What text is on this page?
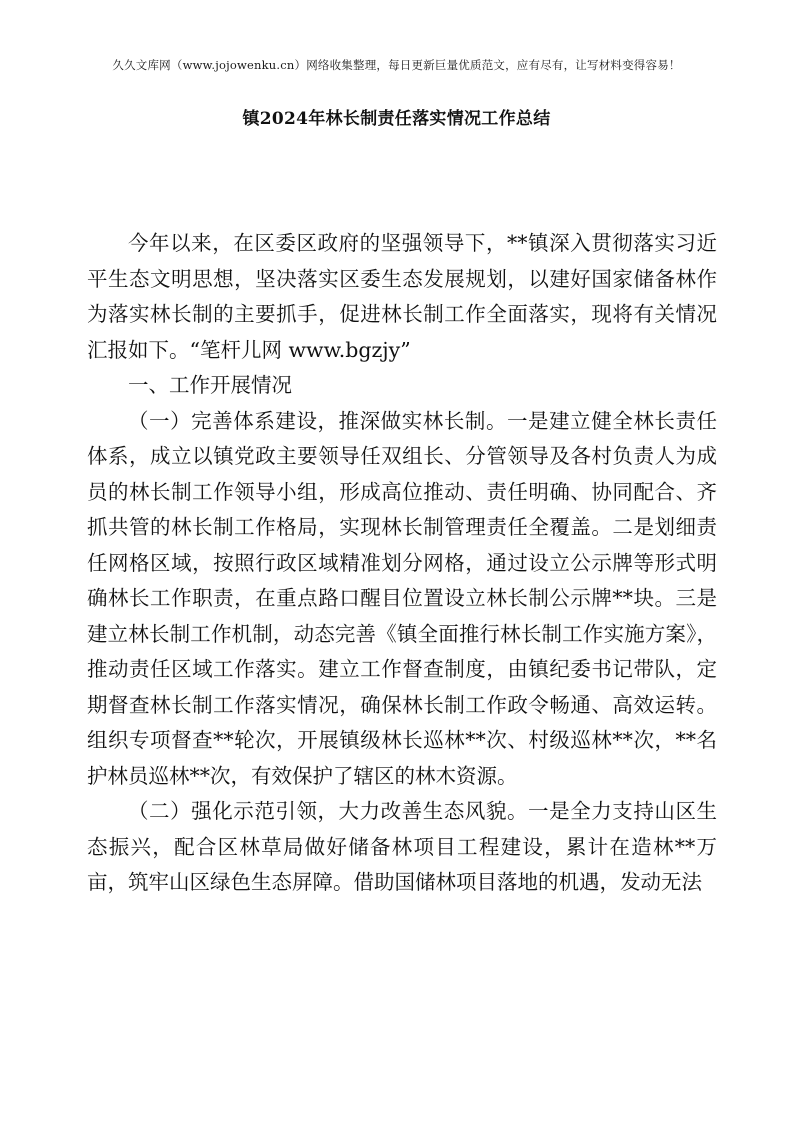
久久文库网（www.jojowenku.cn）网络收集整理，每日更新巨量优质范文，应有尽有，让写材料变得容易！
镇2024年林长制责任落实情况工作总结

今年以来，在区委区政府的坚强领导下，**镇深入贯彻落实习近平生态文明思想，坚决落实区委生态发展规划，以建好国家储备林作为落实林长制的主要抓手，促进林长制工作全面落实，现将有关情况汇报如下。“笔杆儿网 www.bgzjy”

一、工作开展情况

（一）完善体系建设，推深做实林长制。一是建立健全林长责任体系，成立以镇党政主要领导任双组长、分管领导及各村负责人为成员的林长制工作领导小组，形成高位推动、责任明确、协同配合、齐抓共管的林长制工作格局，实现林长制管理责任全覆盖。二是划细责任网格区域，按照行政区域精准划分网格，通过设立公示牌等形式明确林长工作职责，在重点路口醒目位置设立林长制公示牌**块。三是建立林长制工作机制，动态完善《镇全面推行林长制工作实施方案》，推动责任区域工作落实。建立工作督查制度，由镇纪委书记带队，定期督查林长制工作落实情况，确保林长制工作政令畅通、高效运转。组织专项督查**轮次，开展镇级林长巡林**次、村级巡林**次，**名护林员巡林**次，有效保护了辖区的林木资源。

（二）强化示范引领，大力改善生态风貌。一是全力支持山区生态振兴，配合区林草局做好储备林项目工程建设，累计在造林**万亩，筑牢山区绿色生态屏障。借助国储林项目落地的机遇，发动无法
